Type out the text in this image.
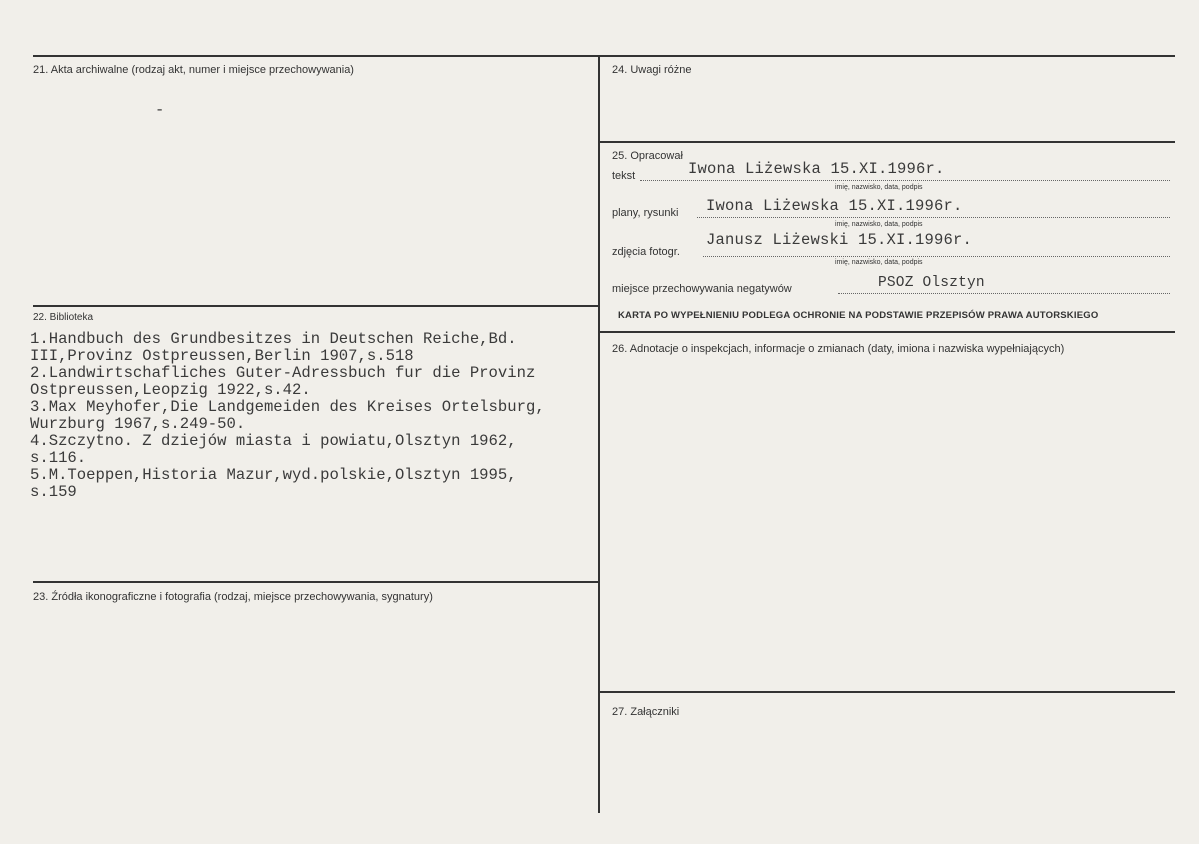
21. Akta archiwalne (rodzaj akt, numer i miejsce przechowywania)
-
22. Biblioteka
1.Handbuch des Grundbesitzes in Deutschen Reiche,Bd.
III,Provinz Ostpreussen,Berlin 1907,s.518
2.Landwirtschafliches Guter-Adressbuch fur die Provinz
Ostpreussen,Leopzig 1922,s.42.
3.Max Meyhofer,Die Landgemeiden des Kreises Ortelsburg,
Wurzburg 1967,s.249-50.
4.Szczytno. Z dziejów miasta i powiatu,Olsztyn 1962,
s.116.
5.M.Toeppen,Historia Mazur,wyd.polskie,Olsztyn 1995,
s.159
23. Źródła ikonograficzne i fotografia (rodzaj, miejsce przechowywania, sygnatury)
24. Uwagi różne
25. Opracował
tekst	Iwona Liżewska 15.XI.1996r.
imię, nazwisko, data, podpis
plany, rysunki Iwona Liżewska 15.XI.1996r.
imię, nazwisko, data, podpis
zdjęcia fotogr.
Janusz Liżewski 15.XI.1996r.
imię, nazwisko, data, podpis
miejsce przechowywania negatywów	PSOZ Olsztyn
KARTA PO WYPEŁNIENIU PODLEGA OCHRONIE NA PODSTAWIE PRZEPISÓW PRAWA AUTORSKIEGO
26. Adnotacje o inspekcjach, informacje o zmianach (daty, imiona i nazwiska wypełniających)
27. Załączniki
